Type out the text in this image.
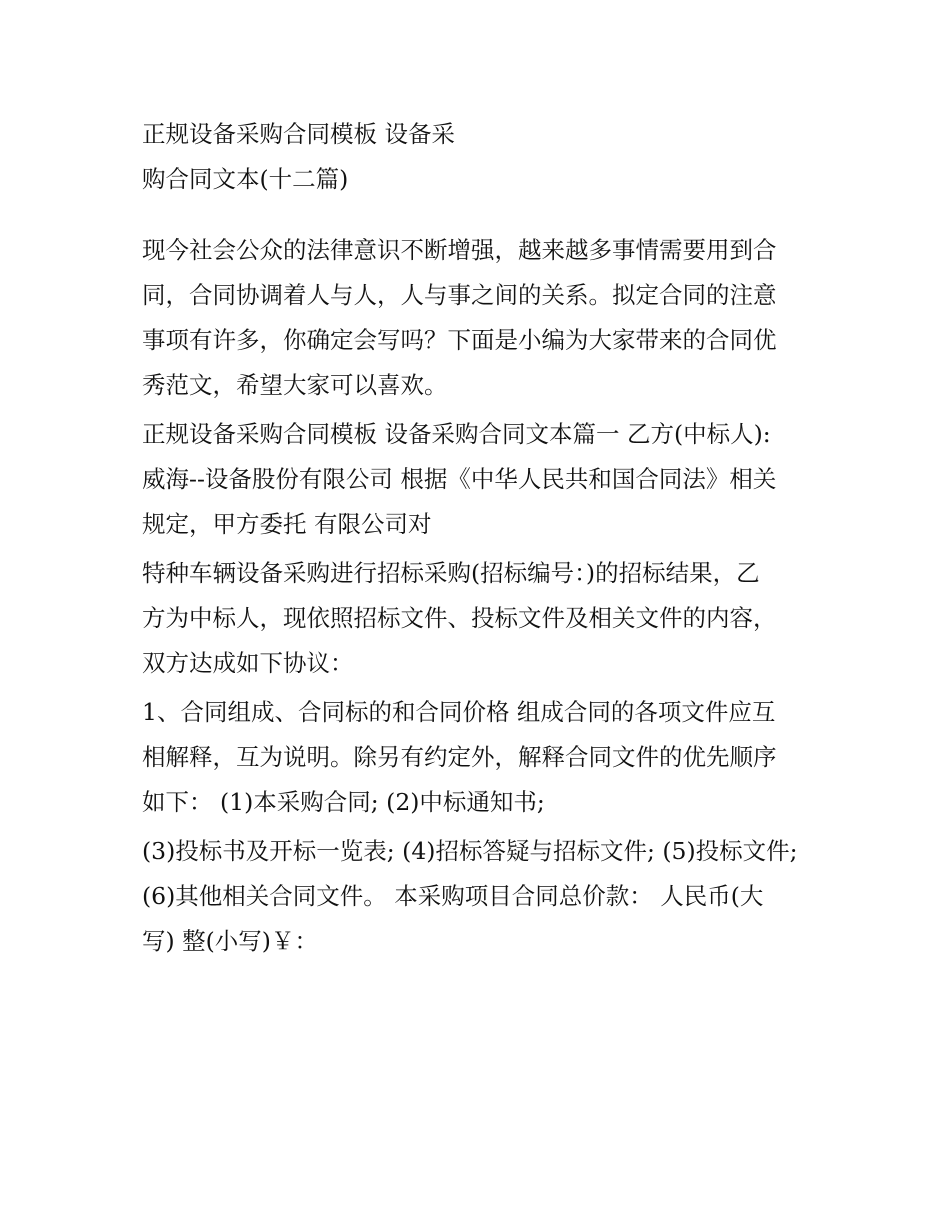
正规设备采购合同模板 设备采
购合同文本(十二篇)

现今社会公众的法律意识不断增强，越来越多事情需要用到合
同，合同协调着人与人，人与事之间的关系。拟定合同的注意
事项有许多，你确定会写吗？下面是小编为大家带来的合同优
秀范文，希望大家可以喜欢。

正规设备采购合同模板 设备采购合同文本篇一 乙方(中标人):
威海--设备股份有限公司 根据《中华人民共和国合同法》相关
规定，甲方委托 有限公司对

特种车辆设备采购进行招标采购(招标编号：)的招标结果，乙
方为中标人，现依照招标文件、投标文件及相关文件的内容，
双方达成如下协议：

1、合同组成、合同标的和合同价格 组成合同的各项文件应互
相解释，互为说明。除另有约定外，解释合同文件的优先顺序
如下： (1)本采购合同; (2)中标通知书;

(3)投标书及开标一览表; (4)招标答疑与招标文件; (5)投标文件;
(6)其他相关合同文件。 本采购项目合同总价款： 人民币(大
写) 整(小写)￥：
